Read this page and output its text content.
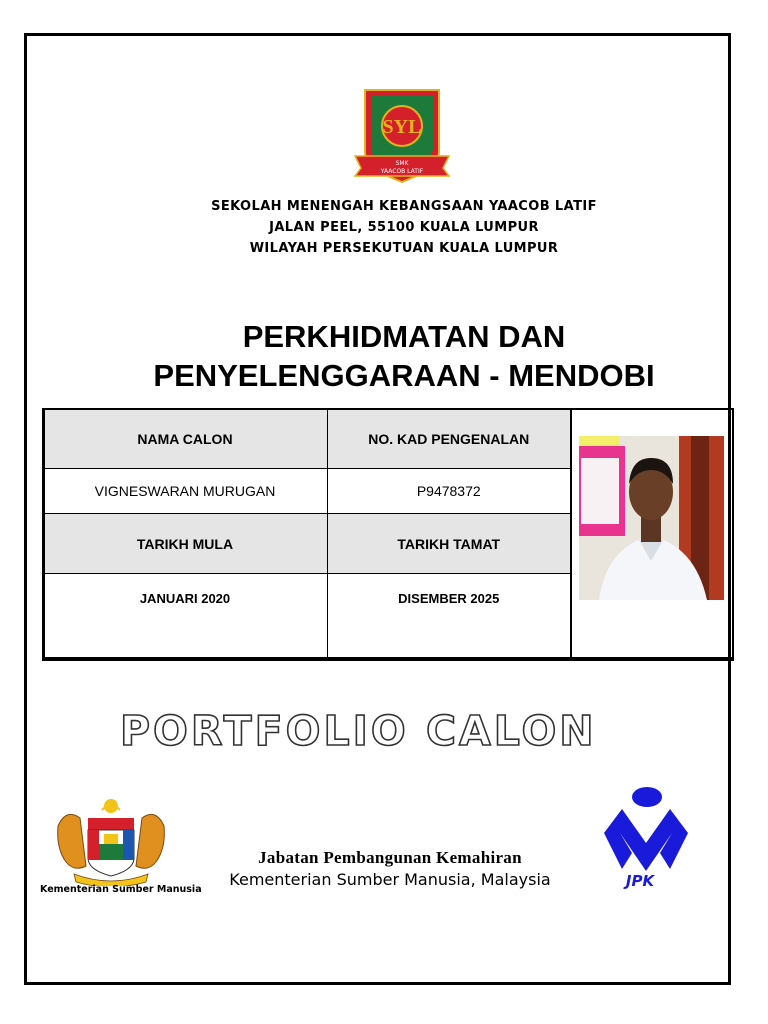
SYL
SMK
YAACOB LATIF
SEKOLAH MENENGAH KEBANGSAAN YAACOB LATIF
JALAN PEEL, 55100 KUALA LUMPUR
WILAYAH PERSEKUTUAN KUALA LUMPUR
PERKHIDMATAN DAN
PENYELENGGARAAN - MENDOBI
NAMA CALON	NO. KAD PENGENALAN	
VIGNESWARAN MURUGAN	P9478372	
TARIKH MULA	TARIKH TAMAT	
JANUARI 2020	DISEMBER 2025	
PORTFOLIO CALON
Kementerian Sumber Manusia
Jabatan Pembangunan Kemahiran
Kementerian Sumber Manusia, Malaysia	JPK
